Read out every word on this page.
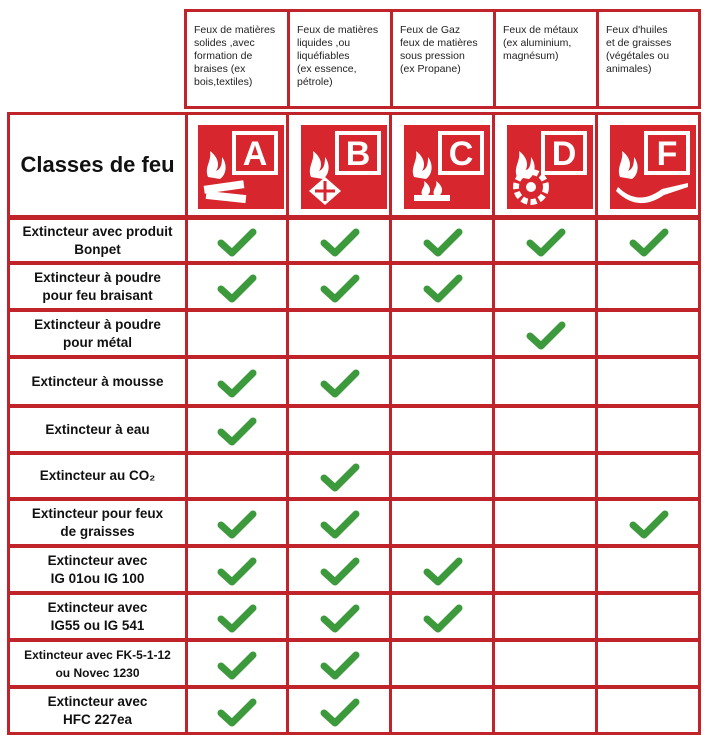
Feux de matières
solides ,avec
formation de
braises (ex
bois,textiles)
Feux de matières
liquides ,ou
liquéfiables
(ex essence,
pétrole)
Feux de Gaz
feux de matières
sous pression
(ex Propane)
Feux de métaux
(ex aluminium,
magnésum)
Feux d'huiles
et de graisses
(végétales ou
animales)
Classes de feu	A B C D F
Extincteur avec produit
Bonpet
Extincteur à poudre
pour feu braisant
Extincteur à poudre
pour métal
Extincteur à mousse
Extincteur à eau
Extincteur au CO₂
Extincteur pour feux
de graisses
Extincteur avec
IG 01ou IG 100
Extincteur avec
IG55 ou IG 541
Extincteur avec FK-5-1-12
ou Novec 1230
Extincteur avec
HFC 227ea
